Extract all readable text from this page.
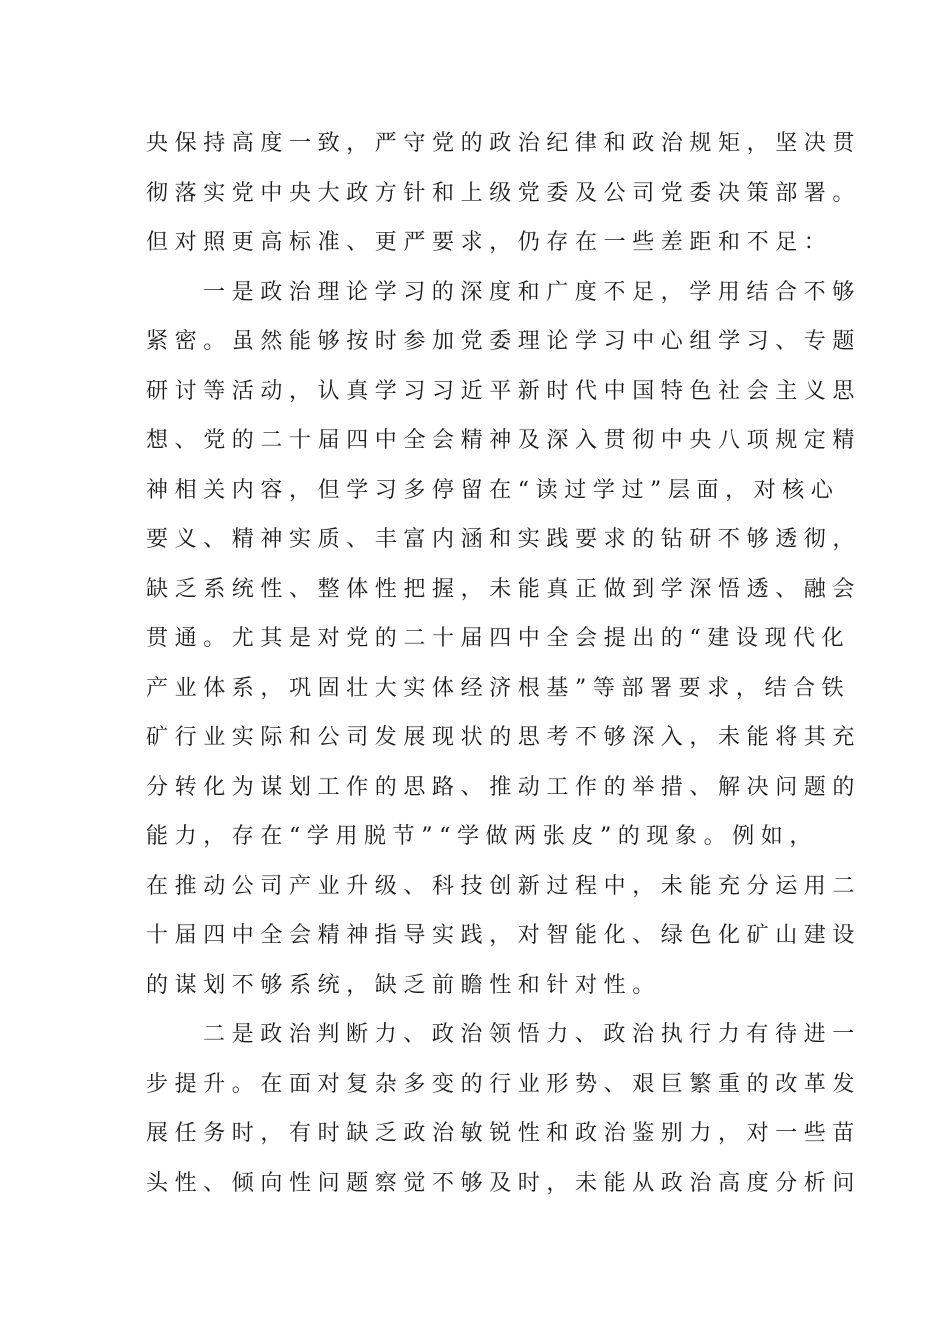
央保持高度一致，严守党的政治纪律和政治规矩，坚决贯
彻落实党中央大政方针和上级党委及公司党委决策部署。
但对照更高标准、更严要求，仍存在一些差距和不足：
一是政治理论学习的深度和广度不足，学用结合不够
紧密。虽然能够按时参加党委理论学习中心组学习、专题
研讨等活动，认真学习习近平新时代中国特色社会主义思
想、党的二十届四中全会精神及深入贯彻中央八项规定精
神相关内容，但学习多停留在“读过学过”层面，对核心
要义、精神实质、丰富内涵和实践要求的钻研不够透彻，
缺乏系统性、整体性把握，未能真正做到学深悟透、融会
贯通。尤其是对党的二十届四中全会提出的“建设现代化
产业体系，巩固壮大实体经济根基”等部署要求，结合铁
矿行业实际和公司发展现状的思考不够深入，未能将其充
分转化为谋划工作的思路、推动工作的举措、解决问题的
能力，存在“学用脱节”“学做两张皮”的现象。例如，
在推动公司产业升级、科技创新过程中，未能充分运用二
十届四中全会精神指导实践，对智能化、绿色化矿山建设
的谋划不够系统，缺乏前瞻性和针对性。
二是政治判断力、政治领悟力、政治执行力有待进一
步提升。在面对复杂多变的行业形势、艰巨繁重的改革发
展任务时，有时缺乏政治敏锐性和政治鉴别力，对一些苗
头性、倾向性问题察觉不够及时，未能从政治高度分析问
